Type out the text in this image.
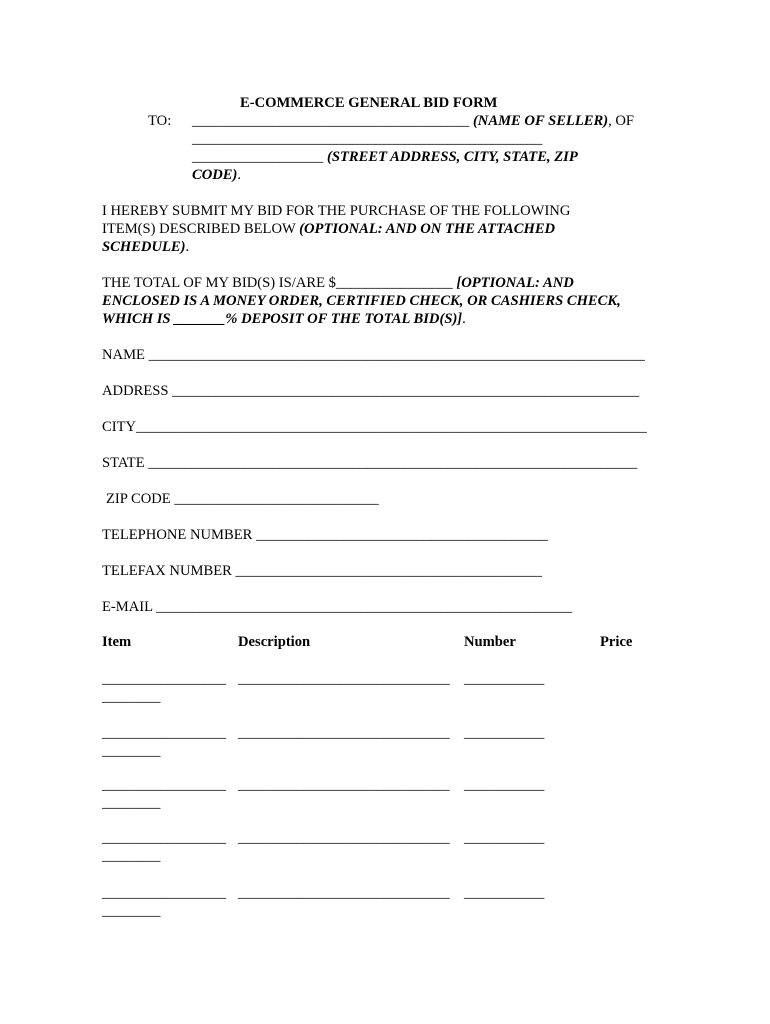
E-COMMERCE GENERAL BID FORM
TO: ______________________________________ (NAME OF SELLER), OF
________________________________________________
__________________ (STREET ADDRESS, CITY, STATE, ZIP
CODE).
I HEREBY SUBMIT MY BID FOR THE PURCHASE OF THE FOLLOWING
ITEM(S) DESCRIBED BELOW (OPTIONAL: AND ON THE ATTACHED
SCHEDULE).
THE TOTAL OF MY BID(S) IS/ARE $________________ [OPTIONAL: AND
ENCLOSED IS A MONEY ORDER, CERTIFIED CHECK, OR CASHIERS CHECK,
WHICH IS _______% DEPOSIT OF THE TOTAL BID(S)].
NAME ____________________________________________________________________
ADDRESS ________________________________________________________________
CITY______________________________________________________________________
STATE ___________________________________________________________________
ZIP CODE ____________________________
TELEPHONE NUMBER ________________________________________
TELEFAX NUMBER __________________________________________
E-MAIL _________________________________________________________
Item	Description	Number	Price
_________________ _____________________________ ___________
________
_________________ _____________________________ ___________
________
_________________ _____________________________ ___________
________
_________________ _____________________________ ___________
________
_________________ _____________________________ ___________
________
